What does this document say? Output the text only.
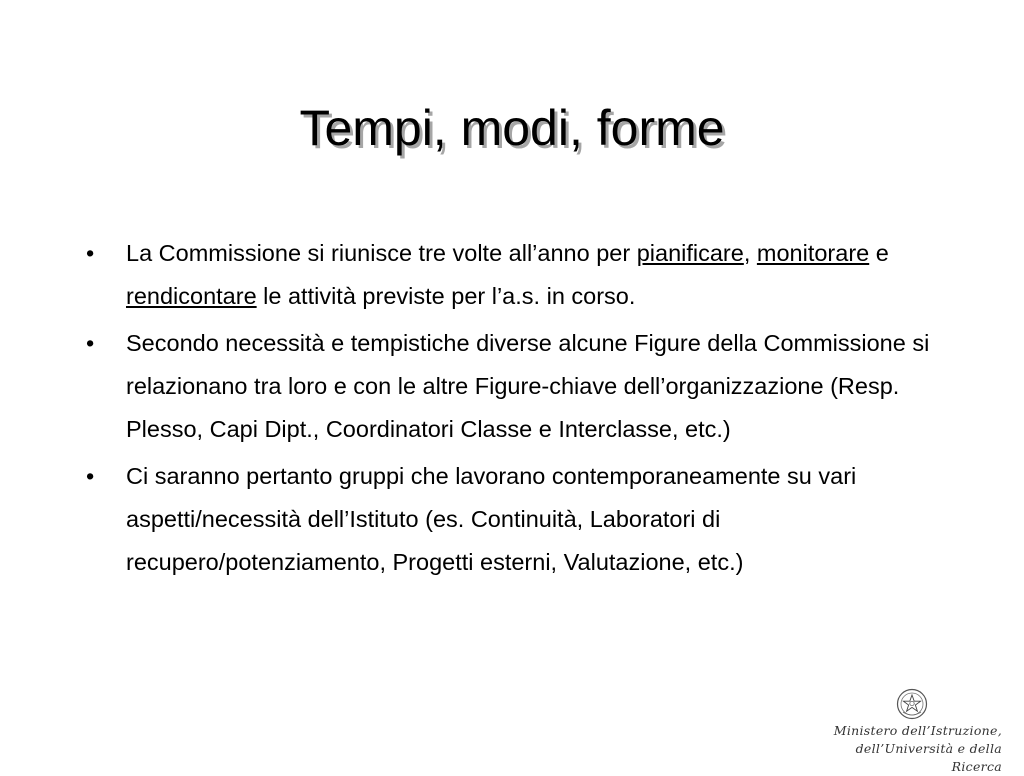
Tempi, modi, forme
•	La Commissione si riunisce tre volte all’anno per pianificare, monitorare e rendicontare le attività previste per l’a.s. in corso.
•	Secondo necessità e tempistiche diverse alcune Figure della Commissione si relazionano tra loro e con le altre Figure-chiave dell’organizzazione (Resp. Plesso, Capi Dipt., Coordinatori Classe e Interclasse, etc.)
•	Ci saranno pertanto gruppi che lavorano contemporaneamente su vari aspetti/necessità dell’Istituto (es. Continuità, Laboratori di recupero/potenziamento, Progetti esterni, Valutazione, etc.)
Ministero dell’Istruzione,
dell’Università e della Ricerca
